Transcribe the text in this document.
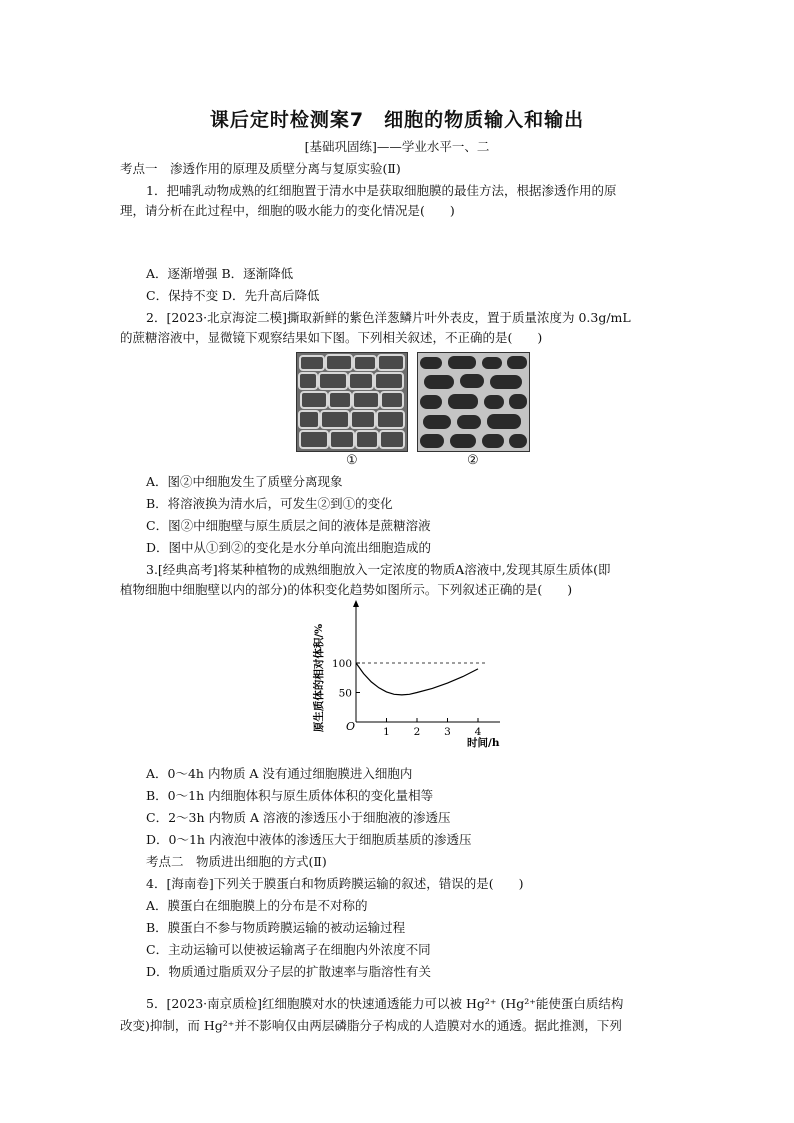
课后定时检测案7　细胞的物质输入和输出
[基础巩固练]——学业水平一、二
考点一　渗透作用的原理及质壁分离与复原实验(Ⅱ)
1．把哺乳动物成熟的红细胞置于清水中是获取细胞膜的最佳方法，根据渗透作用的原
理，请分析在此过程中，细胞的吸水能力的变化情况是(　　)
A．逐渐增强 B．逐渐降低
C．保持不变 D．先升高后降低
2．[2023·北京海淀二模]撕取新鲜的紫色洋葱鳞片叶外表皮，置于质量浓度为 0.3g/mL
的蔗糖溶液中，显微镜下观察结果如下图。下列相关叙述，不正确的是(　　)
①	②
A．图②中细胞发生了质壁分离现象
B．将溶液换为清水后，可发生②到①的变化
C．图②中细胞壁与原生质层之间的液体是蔗糖溶液
D．图中从①到②的变化是水分单向流出细胞造成的
3.[经典高考]将某种植物的成熟细胞放入一定浓度的物质A溶液中,发现其原生质体(即
植物细胞中细胞壁以内的部分)的体积变化趋势如图所示。下列叙述正确的是(　　)
原生质体的相对体积/% O	1 2 3 4
50
100
时间/h
A．0～4h 内物质 A 没有通过细胞膜进入细胞内
B．0～1h 内细胞体积与原生质体体积的变化量相等
C．2～3h 内物质 A 溶液的渗透压小于细胞液的渗透压
D．0～1h 内液泡中液体的渗透压大于细胞质基质的渗透压
考点二　物质进出细胞的方式(Ⅱ)
4．[海南卷]下列关于膜蛋白和物质跨膜运输的叙述，错误的是(　　)
A．膜蛋白在细胞膜上的分布是不对称的
B．膜蛋白不参与物质跨膜运输的被动运输过程
C．主动运输可以使被运输离子在细胞内外浓度不同
D．物质通过脂质双分子层的扩散速率与脂溶性有关
5．[2023·南京质检]红细胞膜对水的快速通透能力可以被 Hg²⁺ (Hg²⁺能使蛋白质结构
改变)抑制，而 Hg²⁺并不影响仅由两层磷脂分子构成的人造膜对水的通透。据此推测，下列
